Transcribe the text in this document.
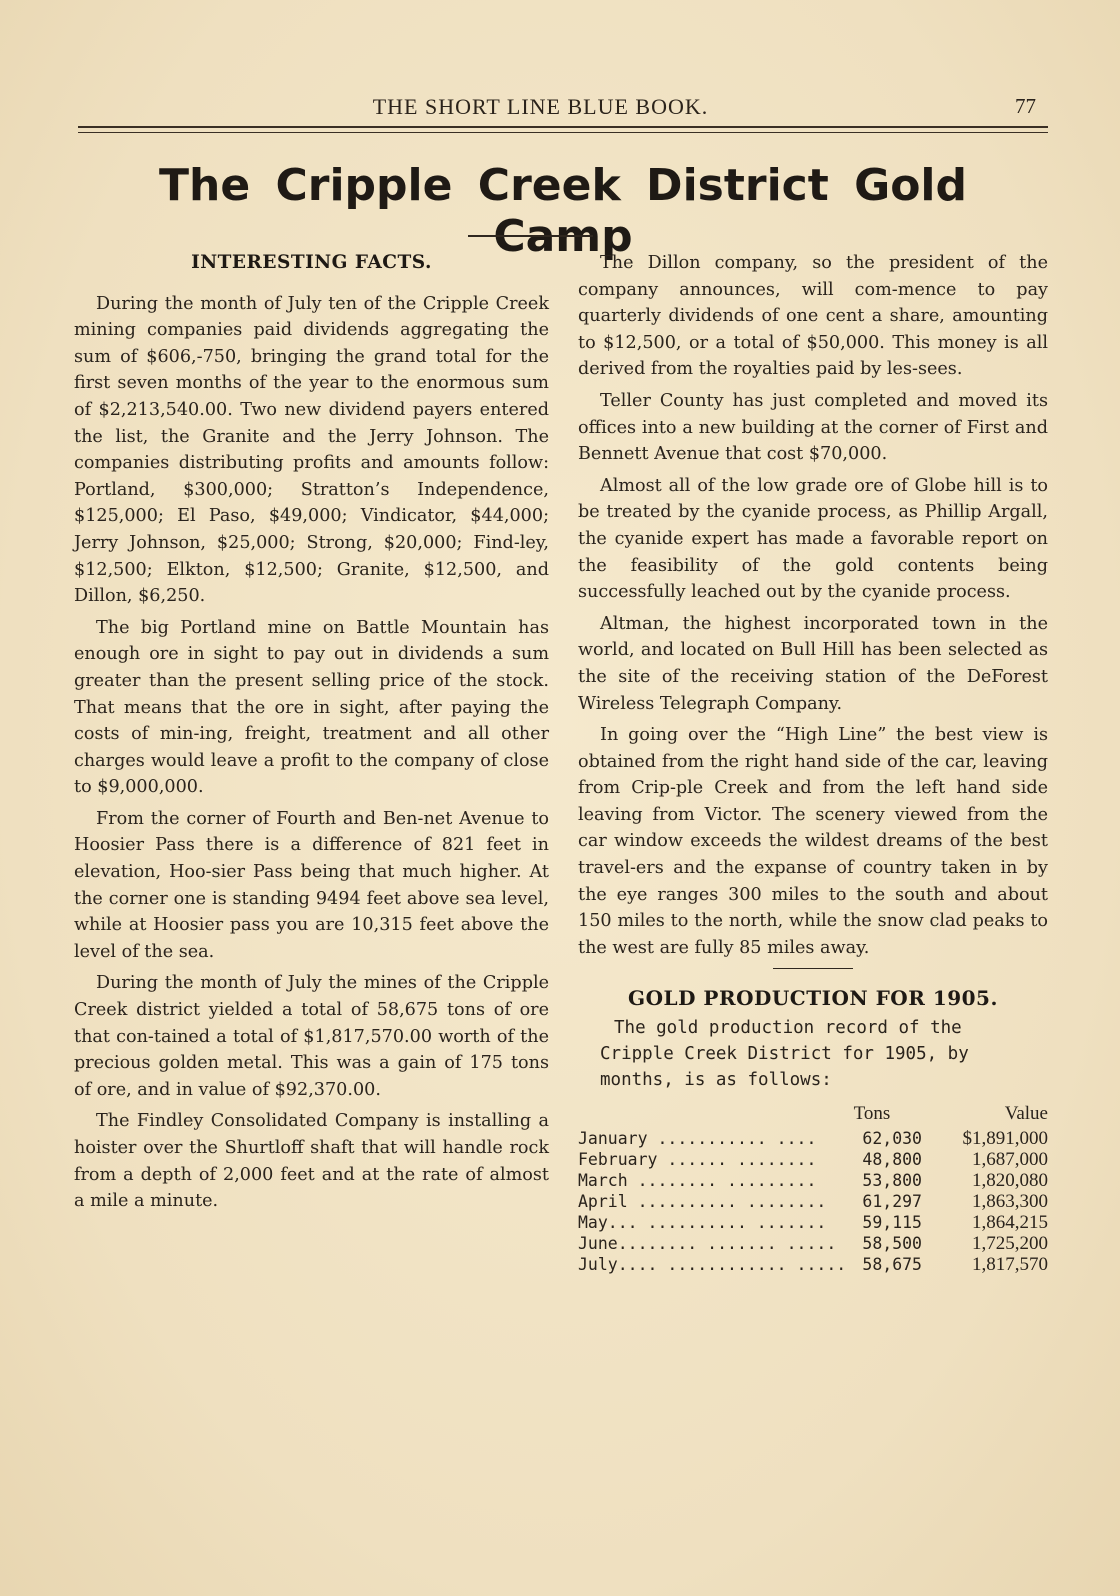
THE SHORT LINE BLUE BOOK.	77
The Cripple Creek District Gold Camp
INTERESTING FACTS.

During the month of July ten of the Cripple Creek mining companies paid dividends aggregating the sum of $606,-750, bringing the grand total for the first seven months of the year to the enormous sum of $2,213,540.00. Two new dividend payers entered the list, the Granite and the Jerry Johnson. The companies distributing profits and amounts follow: Portland, $300,000; Stratton’s Independence, $125,000; El Paso, $49,000; Vindicator, $44,000; Jerry Johnson, $25,000; Strong, $20,000; Find-ley, $12,500; Elkton, $12,500; Granite, $12,500, and Dillon, $6,250.

The big Portland mine on Battle Mountain has enough ore in sight to pay out in dividends a sum greater than the present selling price of the stock. That means that the ore in sight, after paying the costs of min-ing, freight, treatment and all other charges would leave a profit to the company of close to $9,000,000.

From the corner of Fourth and Ben-net Avenue to Hoosier Pass there is a difference of 821 feet in elevation, Hoo-sier Pass being that much higher. At the corner one is standing 9494 feet above sea level, while at Hoosier pass you are 10,315 feet above the level of the sea.

During the month of July the mines of the Cripple Creek district yielded a total of 58,675 tons of ore that con-tained a total of $1,817,570.00 worth of the precious golden metal. This was a gain of 175 tons of ore, and in value of $92,370.00.

The Findley Consolidated Company is installing a hoister over the Shurtloff shaft that will handle rock from a depth of 2,000 feet and at the rate of almost a mile a minute.

The Dillon company, so the president of the company announces, will com-mence to pay quarterly dividends of one cent a share, amounting to $12,500, or a total of $50,000. This money is all derived from the royalties paid by les-sees.

Teller County has just completed and moved its offices into a new building at the corner of First and Bennett Avenue that cost $70,000.

Almost all of the low grade ore of Globe hill is to be treated by the cyanide process, as Phillip Argall, the cyanide expert has made a favorable report on the feasibility of the gold contents being successfully leached out by the cyanide process.

Altman, the highest incorporated town in the world, and located on Bull Hill has been selected as the site of the receiving station of the DeForest Wireless Telegraph Company.

In going over the “High Line” the best view is obtained from the right hand side of the car, leaving from Crip-ple Creek and from the left hand side leaving from Victor. The scenery viewed from the car window exceeds the wildest dreams of the best travel-ers and the expanse of country taken in by the eye ranges 300 miles to the south and about 150 miles to the north, while the snow clad peaks to the west are fully 85 miles away.

GOLD PRODUCTION FOR 1905.

The gold production record of the

Cripple Creek District for 1905, by

months, is as follows:

Tons	Value
January ........... ....	62,030	$1,891,000
February ...... ........	48,800	1,687,000
March ........ .........	53,800	1,820,080
April .......... ........	61,297	1,863,300
May... .......... .......	59,115	1,864,215
June........ ....... .....	58,500	1,725,200
July.... ............ ..... 58,675	1,817,570
